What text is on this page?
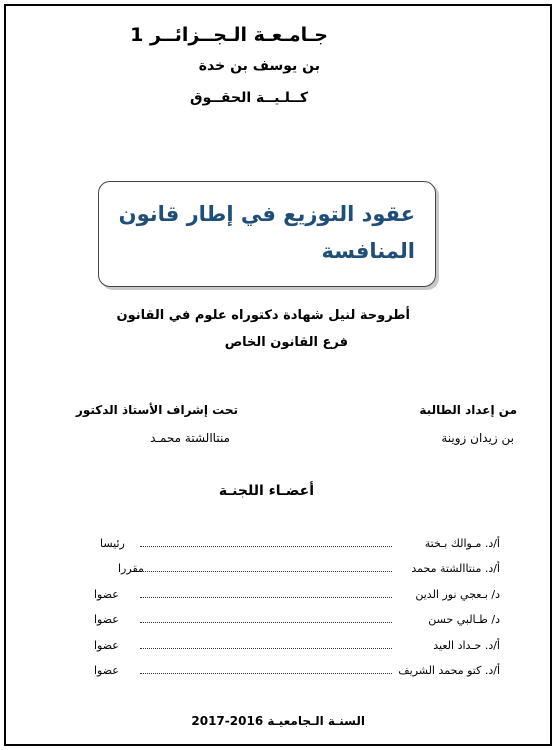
جـامـعـة الـجــزائــر 1
بن يوسف بن خدة
كــلـيــة الحقــوق
عقود التوزيع في إطار قانون المنافسة
أطروحة لنيل شهادة دكتوراه علوم في القانون
فرع القانون الخاص
من إعداد الطالبة
بن زيدان زوينة
تحت إشراف الأستاذ الدكتور
منتاالشتة محمـد
أعضـاء اللجنـة
أ/د. مـوالك بـختة
رئيسا
أ/د. منتاالشتة محمد
مقررا
د/ بـعجي نور الدين
عضوا
د/ طـالبي حسن
عضوا
أ/د. حـداد العيد
عضوا
أ/د. كتو محمد الشريف
عضوا
السنـة الـجامعيـة 2016-2017
